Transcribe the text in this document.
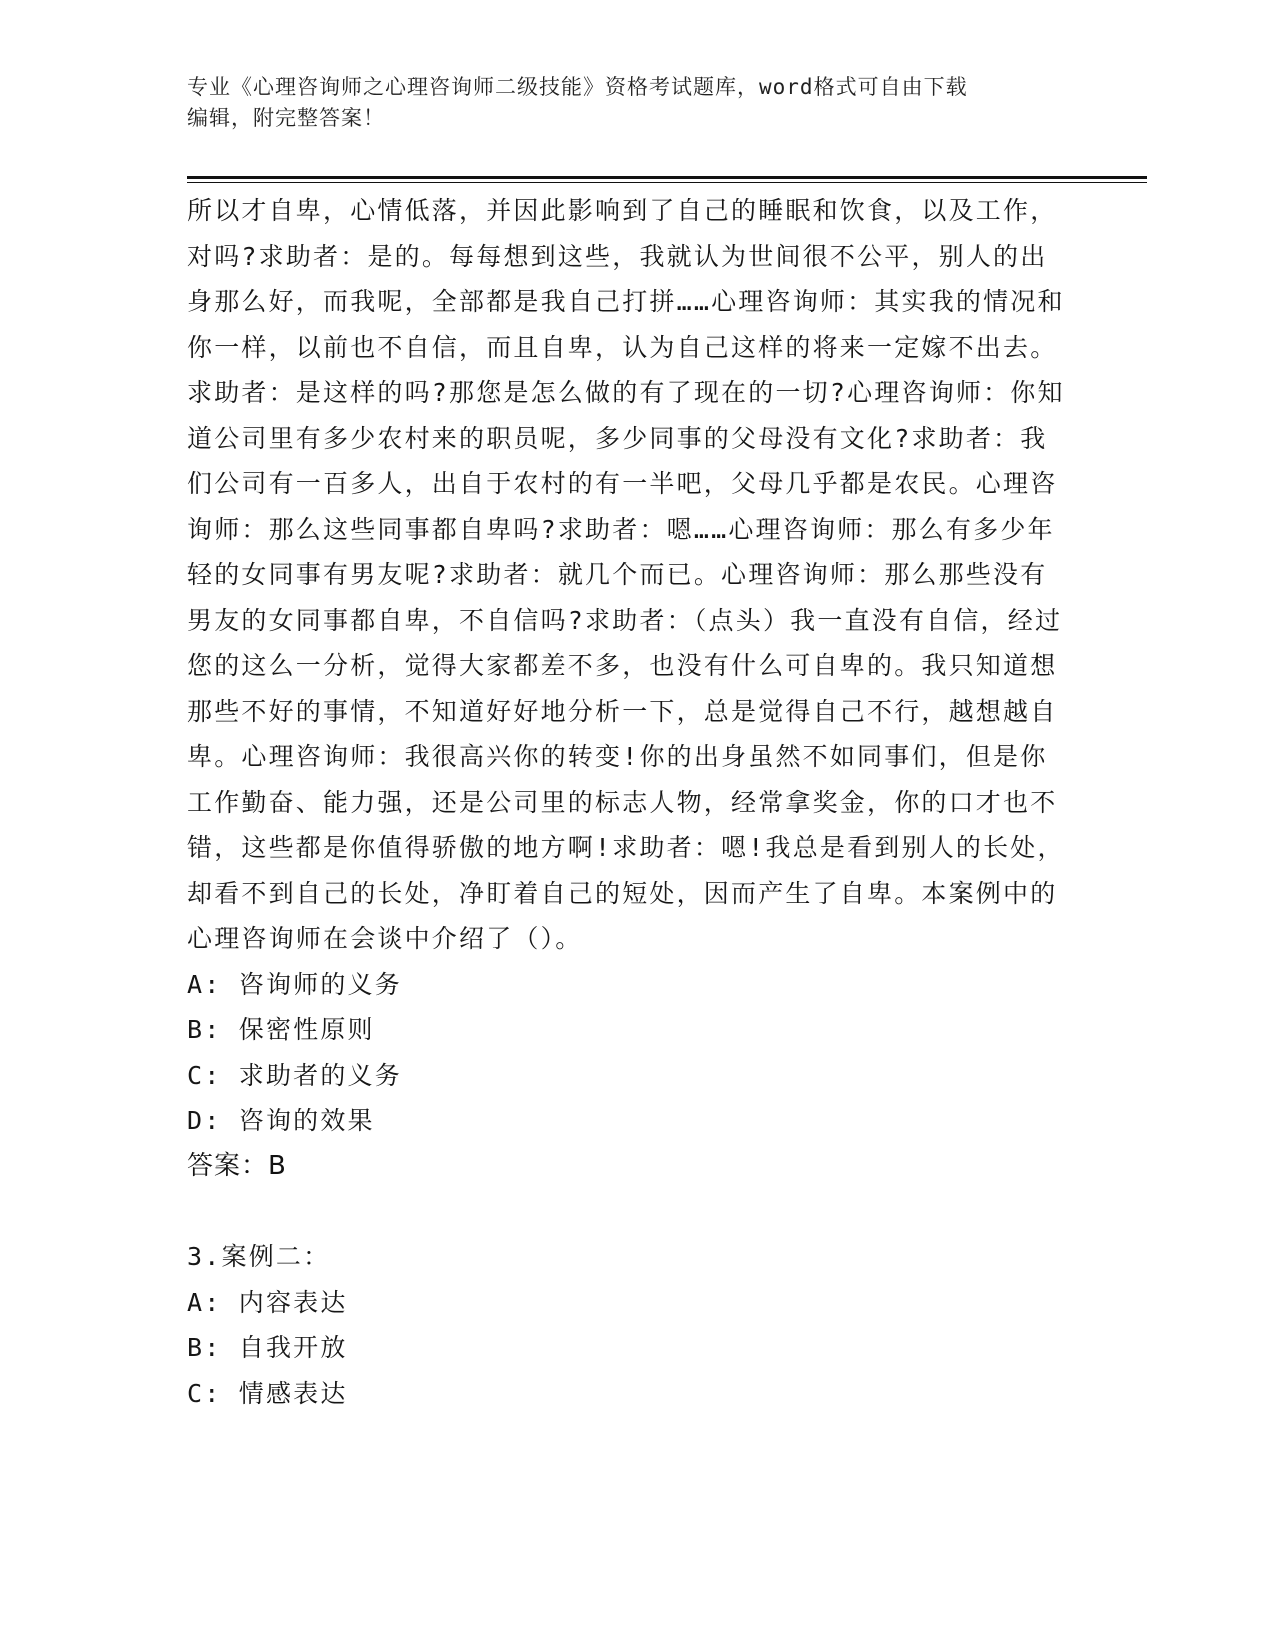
专业《心理咨询师之心理咨询师二级技能》资格考试题库，word格式可自由下载
编辑，附完整答案！

所以才自卑，心情低落，并因此影响到了自己的睡眠和饮食，以及工作，对吗?求助者：是的。每每想到这些，我就认为世间很不公平，别人的出身那么好，而我呢，全部都是我自己打拼……心理咨询师：其实我的情况和你一样，以前也不自信，而且自卑，认为自己这样的将来一定嫁不出去。求助者：是这样的吗?那您是怎么做的有了现在的一切?心理咨询师：你知道公司里有多少农村来的职员呢，多少同事的父母没有文化?求助者：我们公司有一百多人，出自于农村的有一半吧，父母几乎都是农民。心理咨询师：那么这些同事都自卑吗?求助者：嗯……心理咨询师：那么有多少年轻的女同事有男友呢?求助者：就几个而已。心理咨询师：那么那些没有男友的女同事都自卑，不自信吗?求助者：（点头）我一直没有自信，经过您的这么一分析，觉得大家都差不多，也没有什么可自卑的。我只知道想那些不好的事情，不知道好好地分析一下，总是觉得自己不行，越想越自卑。心理咨询师：我很高兴你的转变!你的出身虽然不如同事们，但是你工作勤奋、能力强，还是公司里的标志人物，经常拿奖金，你的口才也不错，这些都是你值得骄傲的地方啊!求助者：嗯!我总是看到别人的长处，却看不到自己的长处，净盯着自己的短处，因而产生了自卑。本案例中的心理咨询师在会谈中介绍了（）。

A: 咨询师的义务

B: 保密性原则

C: 求助者的义务

D: 咨询的效果

答案：B

3.案例二：

A: 内容表达

B: 自我开放

C: 情感表达
